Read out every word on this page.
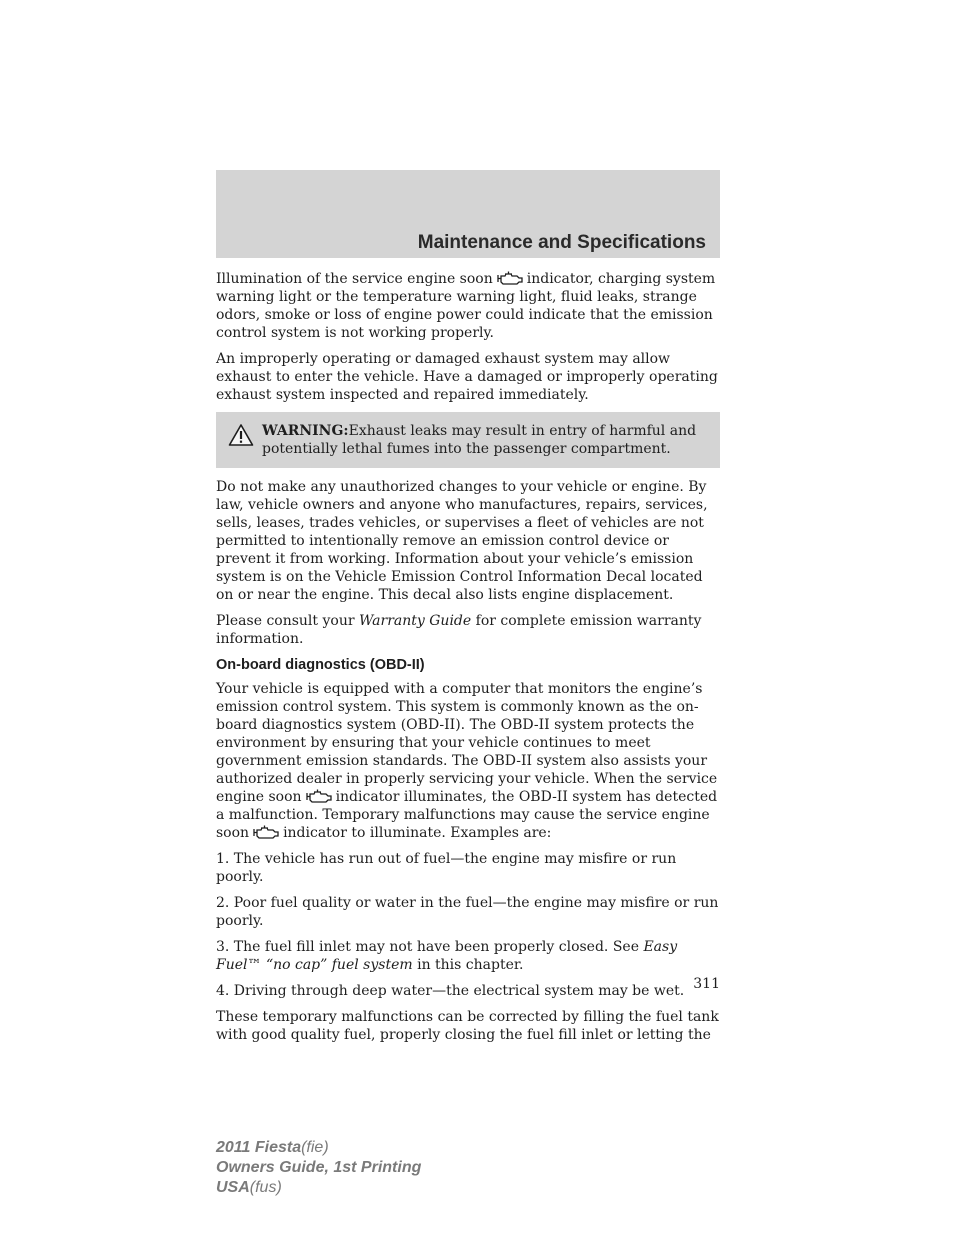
Maintenance and Specifications

Illumination of the service engine soon indicator, charging system warning light or the temperature warning light, fluid leaks, strange odors, smoke or loss of engine power could indicate that the emission control system is not working properly.

An improperly operating or damaged exhaust system may allow exhaust to enter the vehicle. Have a damaged or improperly operating exhaust system inspected and repaired immediately.

WARNING:Exhaust leaks may result in entry of harmful and potentially lethal fumes into the passenger compartment.

Do not make any unauthorized changes to your vehicle or engine. By law, vehicle owners and anyone who manufactures, repairs, services, sells, leases, trades vehicles, or supervises a fleet of vehicles are not permitted to intentionally remove an emission control device or prevent it from working. Information about your vehicle’s emission system is on the Vehicle Emission Control Information Decal located on or near the engine. This decal also lists engine displacement.

Please consult your Warranty Guide for complete emission warranty information.

On-board diagnostics (OBD-II)

Your vehicle is equipped with a computer that monitors the engine’s emission control system. This system is commonly known as the on-board diagnostics system (OBD-II). The OBD-II system protects the environment by ensuring that your vehicle continues to meet government emission standards. The OBD-II system also assists your authorized dealer in properly servicing your vehicle. When the service engine soon indicator illuminates, the OBD-II system has detected a malfunction. Temporary malfunctions may cause the service engine soon indicator to illuminate. Examples are:

1. The vehicle has run out of fuel—the engine may misfire or run poorly.

2. Poor fuel quality or water in the fuel—the engine may misfire or run poorly.

3. The fuel fill inlet may not have been properly closed. See Easy Fuel™ “no cap” fuel system in this chapter.

4. Driving through deep water—the electrical system may be wet.

These temporary malfunctions can be corrected by filling the fuel tank with good quality fuel, properly closing the fuel fill inlet or letting the

311
2011 Fiesta(fie)
Owners Guide, 1st Printing
USA(fus)
